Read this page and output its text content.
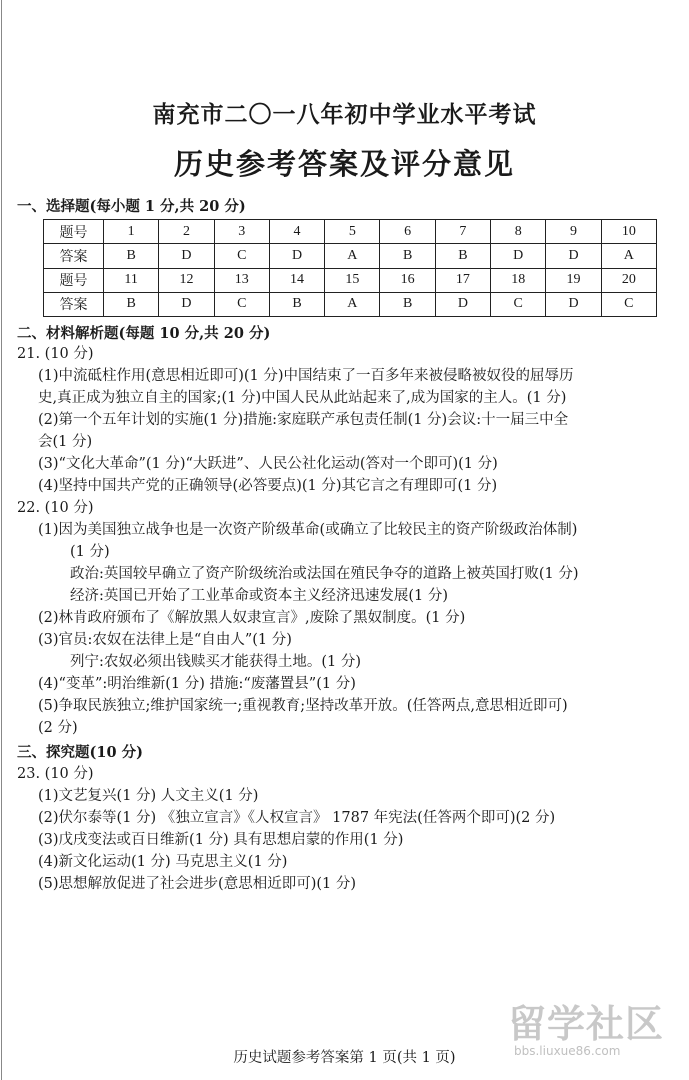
南充市二〇一八年初中学业水平考试
历史参考答案及评分意见
一、选择题(每小题 1 分,共 20 分)
题号	1	2	3	4	5	6	7	8	9	10
答案	B	D	C	D	A	B	B	D	D	A
题号	11	12	13	14	15	16	17	18	19	20
答案	B	D	C	B	A	B	D	C	D	C
二、材料解析题(每题 10 分,共 20 分)
21. (10 分)
(1)中流砥柱作用(意思相近即可)(1 分)中国结束了一百多年来被侵略被奴役的屈辱历
史,真正成为独立自主的国家;(1 分)中国人民从此站起来了,成为国家的主人。(1 分)
(2)第一个五年计划的实施(1 分)措施:家庭联产承包责任制(1 分)会议:十一届三中全
会(1 分)
(3)“文化大革命”(1 分)“大跃进”、人民公社化运动(答对一个即可)(1 分)
(4)坚持中国共产党的正确领导(必答要点)(1 分)其它言之有理即可(1 分)
22. (10 分)
(1)因为美国独立战争也是一次资产阶级革命(或确立了比较民主的资产阶级政治体制)
(1 分)
政治:英国较早确立了资产阶级统治或法国在殖民争夺的道路上被英国打败(1 分)
经济:英国已开始了工业革命或资本主义经济迅速发展(1 分)
(2)林肯政府颁布了《解放黑人奴隶宣言》,废除了黑奴制度。(1 分)
(3)官员:农奴在法律上是“自由人”(1 分)
列宁:农奴必须出钱赎买才能获得土地。(1 分)
(4)“变革”:明治维新(1 分) 措施:“废藩置县”(1 分)
(5)争取民族独立;维护国家统一;重视教育;坚持改革开放。(任答两点,意思相近即可)
(2 分)
三、探究题(10 分)
23. (10 分)
(1)文艺复兴(1 分) 人文主义(1 分)
(2)伏尔泰等(1 分) 《独立宣言》《人权宣言》 1787 年宪法(任答两个即可)(2 分)
(3)戊戌变法或百日维新(1 分) 具有思想启蒙的作用(1 分)
(4)新文化运动(1 分) 马克思主义(1 分)
(5)思想解放促进了社会进步(意思相近即可)(1 分)
历史试题参考答案第 1 页(共 1 页)
留学社区
bbs.liuxue86.com
